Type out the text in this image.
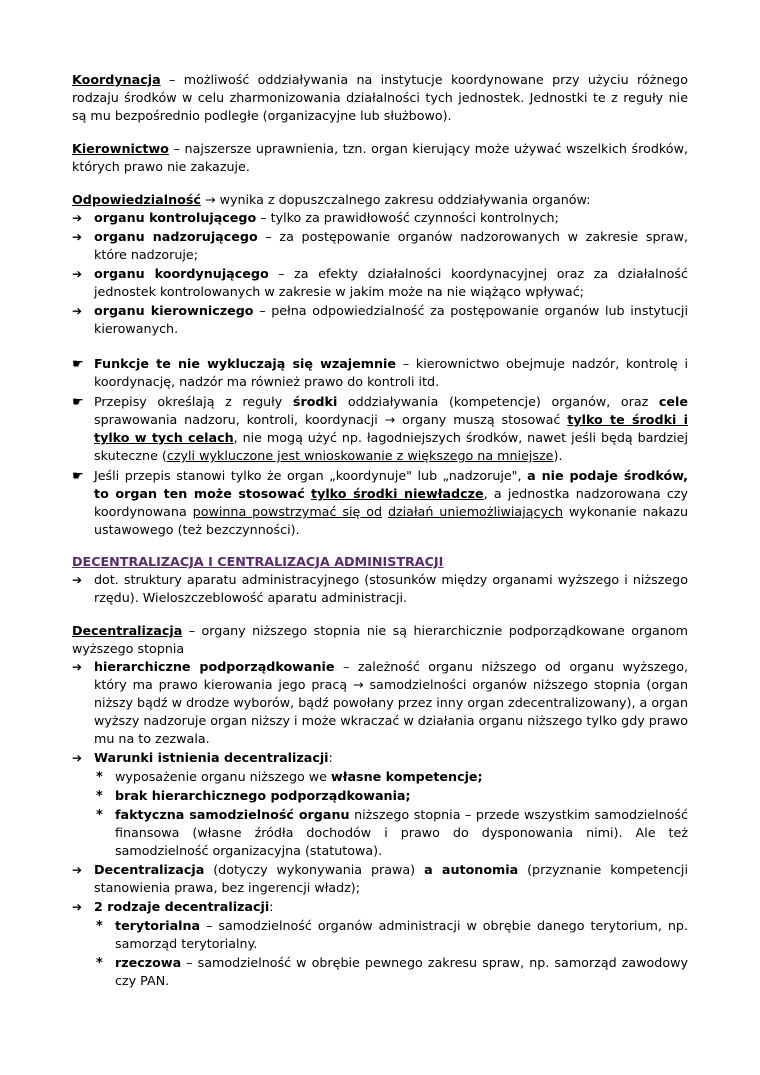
Koordynacja – możliwość oddziaływania na instytucje koordynowane przy użyciu różnego rodzaju środków w celu zharmonizowania działalności tych jednostek. Jednostki te z reguły nie są mu bezpośrednio podległe (organizacyjne lub służbowo).

Kierownictwo – najszersze uprawnienia, tzn. organ kierujący może używać wszelkich środków, których prawo nie zakazuje.

Odpowiedzialność → wynika z dopuszczalnego zakresu oddziaływania organów:

➔
organu kontrolującego – tylko za prawidłowość czynności kontrolnych;
➔
organu nadzorującego – za postępowanie organów nadzorowanych w zakresie spraw, które nadzoruje;
➔
organu koordynującego – za efekty działalności koordynacyjnej oraz za działalność jednostek kontrolowanych w zakresie w jakim może na nie wiążąco wpływać;
➔
organu kierowniczego – pełna odpowiedzialność za postępowanie organów lub instytucji kierowanych.
☛
Funkcje te nie wykluczają się wzajemnie – kierownictwo obejmuje nadzór, kontrolę i koordynację, nadzór ma również prawo do kontroli itd.
☛
Przepisy określają z reguły środki oddziaływania (kompetencje) organów, oraz cele sprawowania nadzoru, kontroli, koordynacji → organy muszą stosować tylko te środki i tylko w tych celach, nie mogą użyć np. łagodniejszych środków, nawet jeśli będą bardziej skuteczne (czyli wykluczone jest wnioskowanie z większego na mniejsze).
☛
Jeśli przepis stanowi tylko że organ „koordynuje" lub „nadzoruje", a nie podaje środków, to organ ten może stosować tylko środki niewładcze, a jednostka nadzorowana czy koordynowana powinna powstrzymać się od działań uniemożliwiających wykonanie nakazu ustawowego (też bezczynności).

DECENTRALIZACJA I CENTRALIZACJA ADMINISTRACJI

➔
dot. struktury aparatu administracyjnego (stosunków między organami wyższego i niższego rzędu). Wieloszczeblowość aparatu administracji.

Decentralizacja – organy niższego stopnia nie są hierarchicznie podporządkowane organom wyższego stopnia

➔
hierarchiczne podporządkowanie – zależność organu niższego od organu wyższego, który ma prawo kierowania jego pracą → samodzielności organów niższego stopnia (organ niższy bądź w drodze wyborów, bądź powołany przez inny organ zdecentralizowany), a organ wyższy nadzoruje organ niższy i może wkraczać w działania organu niższego tylko gdy prawo mu na to zezwala.
➔
Warunki istnienia decentralizacji:
*
wyposażenie organu niższego we własne kompetencje;
*
brak hierarchicznego podporządkowania;
*
faktyczna samodzielność organu niższego stopnia – przede wszystkim samodzielność finansowa (własne źródła dochodów i prawo do dysponowania nimi). Ale też samodzielność organizacyjna (statutowa).
➔
Decentralizacja (dotyczy wykonywania prawa) a autonomia (przyznanie kompetencji stanowienia prawa, bez ingerencji władz);
➔
2 rodzaje decentralizacji:
*
terytorialna – samodzielność organów administracji w obrębie danego terytorium, np. samorząd terytorialny.
*
rzeczowa – samodzielność w obrębie pewnego zakresu spraw, np. samorząd zawodowy czy PAN.
